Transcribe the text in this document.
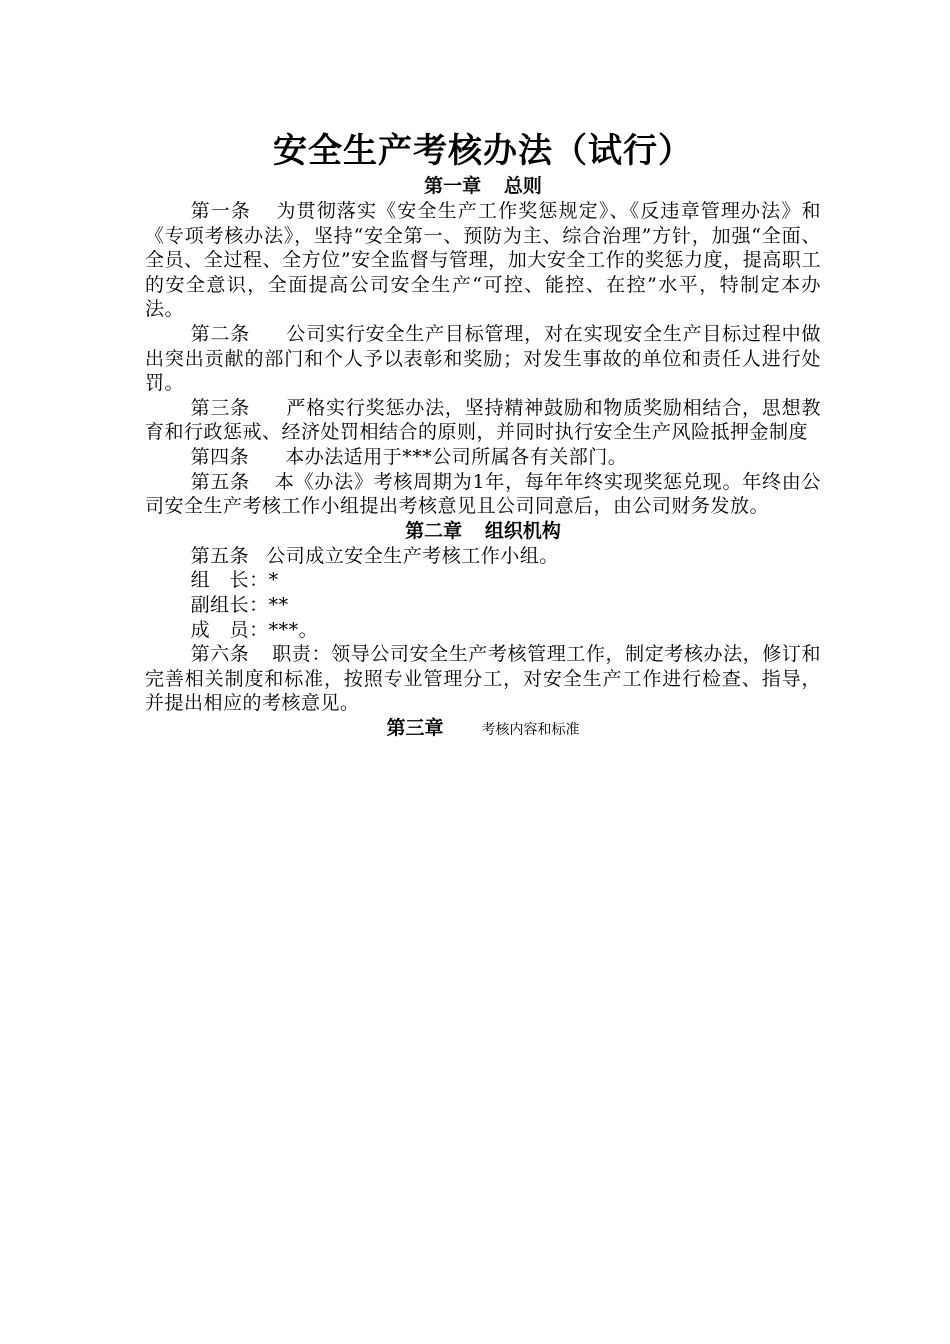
安全生产考核办法（试行）
第一章 总则

第一条 为贯彻落实《安全生产工作奖惩规定》、《反违章管理办法》和《专项考核办法》，坚持“安全第一、预防为主、综合治理”方针，加强“全面、全员、全过程、全方位”安全监督与管理，加大安全工作的奖惩力度，提高职工的安全意识，全面提高公司安全生产“可控、能控、在控”水平，特制定本办法。

第二条 公司实行安全生产目标管理，对在实现安全生产目标过程中做出突出贡献的部门和个人予以表彰和奖励；对发生事故的单位和责任人进行处罚。

第三条 严格实行奖惩办法，坚持精神鼓励和物质奖励相结合，思想教育和行政惩戒、经济处罚相结合的原则，并同时执行安全生产风险抵押金制度

第四条 本办法适用于***公司所属各有关部门。

第五条 本《办法》考核周期为1年，每年年终实现奖惩兑现。年终由公司安全生产考核工作小组提出考核意见且公司同意后，由公司财务发放。

第二章 组织机构

第五条 公司成立安全生产考核工作小组。

组　长：*

副组长：**

成　员：***。

第六条 职责：领导公司安全生产考核管理工作，制定考核办法，修订和完善相关制度和标准，按照专业管理分工，对安全生产工作进行检查、指导，并提出相应的考核意见。

第三章	考核内容和标准
